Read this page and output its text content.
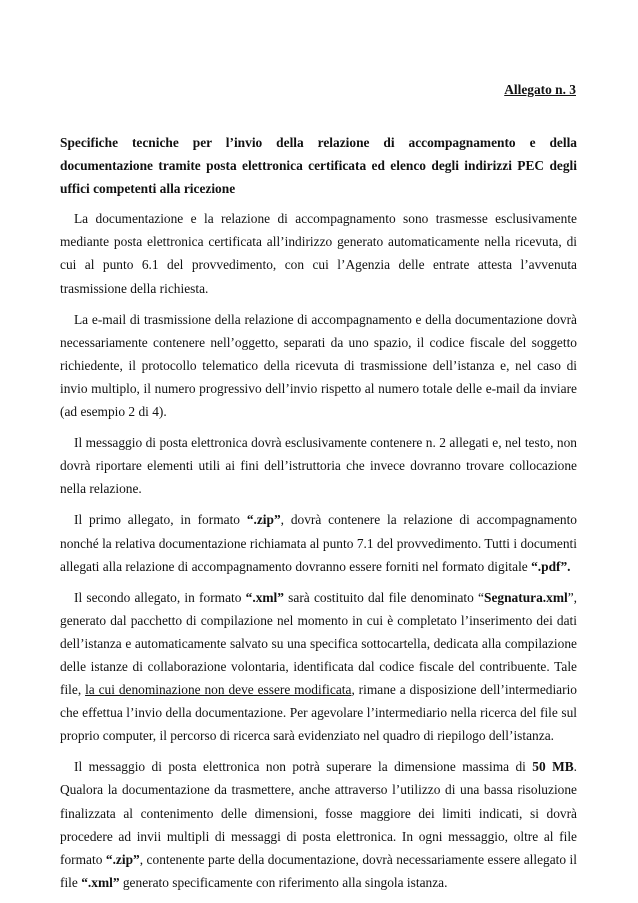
Allegato n. 3

Specifiche tecniche per l’invio della relazione di accompagnamento e della documentazione tramite posta elettronica certificata ed elenco degli indirizzi PEC degli uffici competenti alla ricezione

La documentazione e la relazione di accompagnamento sono trasmesse esclusivamente mediante posta elettronica certificata all’indirizzo generato automaticamente nella ricevuta, di cui al punto 6.1 del provvedimento, con cui l’Agenzia delle entrate attesta l’avvenuta trasmissione della richiesta.

La e-mail di trasmissione della relazione di accompagnamento e della documentazione dovrà necessariamente contenere nell’oggetto, separati da uno spazio, il codice fiscale del soggetto richiedente, il protocollo telematico della ricevuta di trasmissione dell’istanza e, nel caso di invio multiplo, il numero progressivo dell’invio rispetto al numero totale delle e-mail da inviare (ad esempio 2 di 4).

Il messaggio di posta elettronica dovrà esclusivamente contenere n. 2 allegati e, nel testo, non dovrà riportare elementi utili ai fini dell’istruttoria che invece dovranno trovare collocazione nella relazione.

Il primo allegato, in formato “.zip”, dovrà contenere la relazione di accompagnamento nonché la relativa documentazione richiamata al punto 7.1 del provvedimento. Tutti i documenti allegati alla relazione di accompagnamento dovranno essere forniti nel formato digitale “.pdf”.

Il secondo allegato, in formato “.xml” sarà costituito dal file denominato “Segnatura.xml”, generato dal pacchetto di compilazione nel momento in cui è completato l’inserimento dei dati dell’istanza e automaticamente salvato su una specifica sottocartella, dedicata alla compilazione delle istanze di collaborazione volontaria, identificata dal codice fiscale del contribuente. Tale file, la cui denominazione non deve essere modificata, rimane a disposizione dell’intermediario che effettua l’invio della documentazione. Per agevolare l’intermediario nella ricerca del file sul proprio computer, il percorso di ricerca sarà evidenziato nel quadro di riepilogo dell’istanza.

Il messaggio di posta elettronica non potrà superare la dimensione massima di 50 MB. Qualora la documentazione da trasmettere, anche attraverso l’utilizzo di una bassa risoluzione finalizzata al contenimento delle dimensioni, fosse maggiore dei limiti indicati, si dovrà procedere ad invii multipli di messaggi di posta elettronica. In ogni messaggio, oltre al file formato “.zip”, contenente parte della documentazione, dovrà necessariamente essere allegato il file “.xml” generato specificamente con riferimento alla singola istanza.
